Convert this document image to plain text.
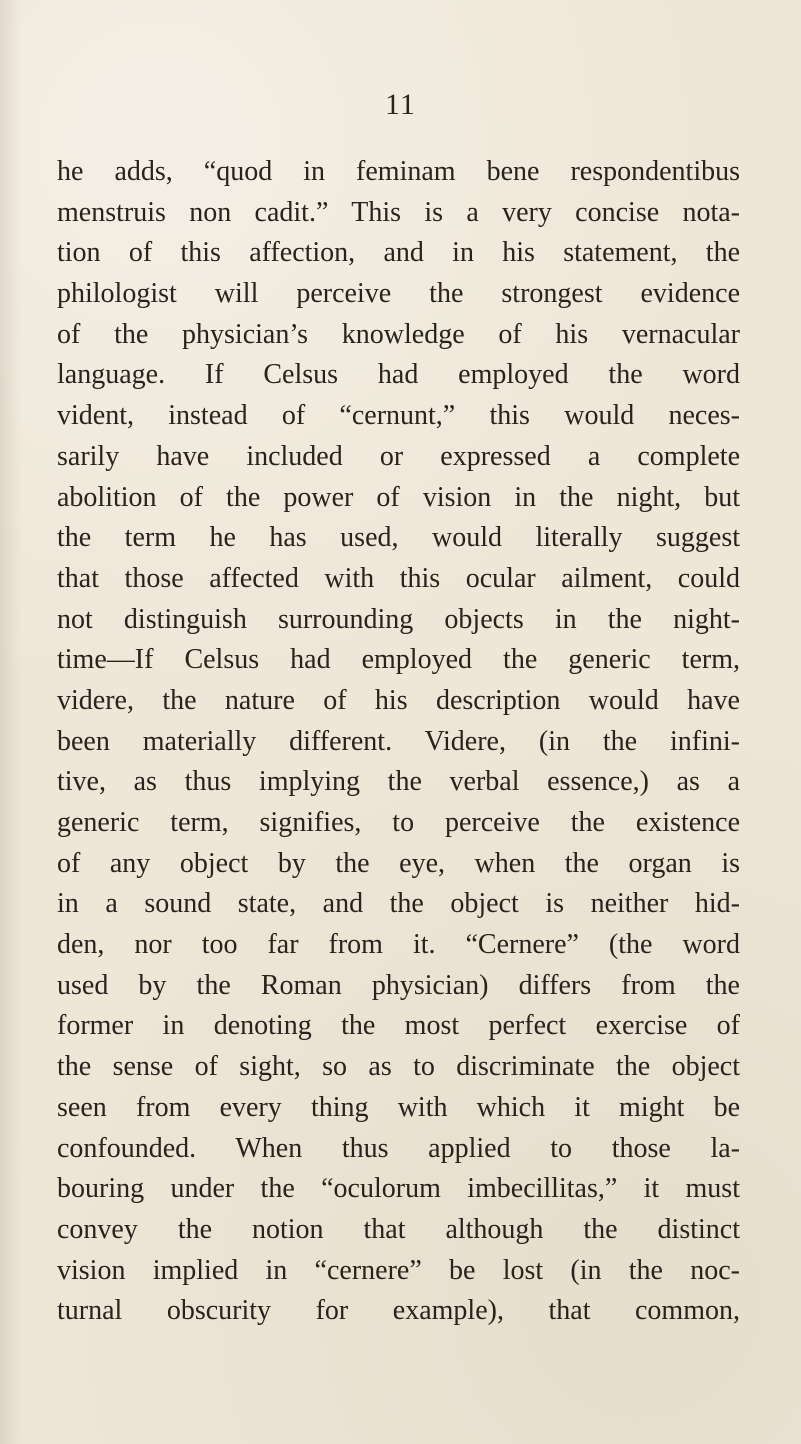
11
he adds, “quod in feminam bene respondentibus
menstruis non cadit.” This is a very concise nota-
tion of this affection, and in his statement, the
philologist will perceive the strongest evidence
of the physician’s knowledge of his vernacular
language. If Celsus had employed the word
vident, instead of “cernunt,” this would neces-
sarily have included or expressed a complete
abolition of the power of vision in the night, but
the term he has used, would literally suggest
that those affected with this ocular ailment, could
not distinguish surrounding objects in the night-
time—If Celsus had employed the generic term,
videre, the nature of his description would have
been materially different. Videre, (in the infini-
tive, as thus implying the verbal essence,) as a
generic term, signifies, to perceive the existence
of any object by the eye, when the organ is
in a sound state, and the object is neither hid-
den, nor too far from it. “Cernere” (the word
used by the Roman physician) differs from the
former in denoting the most perfect exercise of
the sense of sight, so as to discriminate the object
seen from every thing with which it might be
confounded. When thus applied to those la-
bouring under the “oculorum imbecillitas,” it must
convey the notion that although the distinct
vision implied in “cernere” be lost (in the noc-
turnal obscurity for example), that common,
